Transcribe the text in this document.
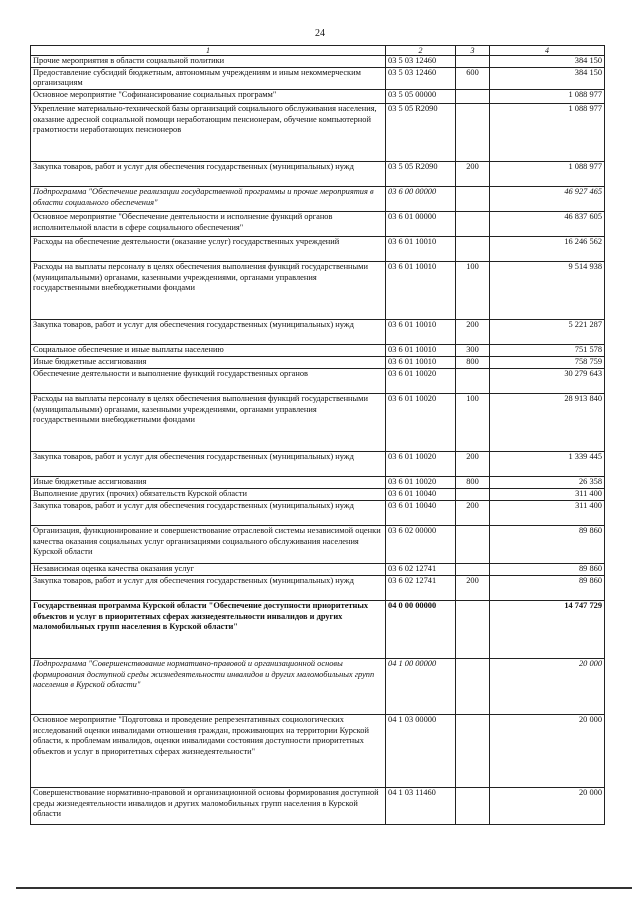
24
1	2	3	4
Прочие мероприятия в области социальной политики	03 5 03 12460		384 150
Предоставление субсидий бюджетным, автономным учреждениям и иным некоммерческим организациям	03 5 03 12460	600	384 150
Основное мероприятие "Софинансирование социальных программ"	03 5 05 00000		1 088 977
Укрепление материально-технической базы организаций социального обслуживания населения, оказание адресной социальной помощи неработающим пенсионерам, обучение компьютерной грамотности неработающих пенсионеров	03 5 05 R2090		1 088 977
Закупка товаров, работ и услуг для обеспечения государственных (муниципальных) нужд	03 5 05 R2090	200	1 088 977
Подпрограмма "Обеспечение реализации государственной программы и прочие мероприятия в области социального обеспечения"	03 6 00 00000		46 927 465
Основное мероприятие "Обеспечение деятельности и исполнение функций органов исполнительной власти в сфере социального обеспечения"	03 6 01 00000		46 837 605
Расходы на обеспечение деятельности (оказание услуг) государственных учреждений	03 6 01 10010		16 246 562
Расходы на выплаты персоналу в целях обеспечения выполнения функций государственными (муниципальными) органами, казенными учреждениями, органами управления государственными внебюджетными фондами	03 6 01 10010	100	9 514 938
Закупка товаров, работ и услуг для обеспечения государственных (муниципальных) нужд	03 6 01 10010	200	5 221 287
Социальное обеспечение и иные выплаты населению	03 6 01 10010	300	751 578
Иные бюджетные ассигнования	03 6 01 10010	800	758 759
Обеспечение деятельности и выполнение функций государственных органов	03 6 01 10020		30 279 643
Расходы на выплаты персоналу в целях обеспечения выполнения функций государственными (муниципальными) органами, казенными учреждениями, органами управления государственными внебюджетными фондами	03 6 01 10020	100	28 913 840
Закупка товаров, работ и услуг для обеспечения государственных (муниципальных) нужд	03 6 01 10020	200	1 339 445
Иные бюджетные ассигнования	03 6 01 10020	800	26 358
Выполнение других (прочих) обязательств Курской области	03 6 01 10040		311 400
Закупка товаров, работ и услуг для обеспечения государственных (муниципальных) нужд	03 6 01 10040	200	311 400
Организация, функционирование и совершенствование отраслевой системы независимой оценки качества оказания социальных услуг организациями социального обслуживания населения Курской области	03 6 02 00000		89 860
Независимая оценка качества оказания услуг	03 6 02 12741		89 860
Закупка товаров, работ и услуг для обеспечения государственных (муниципальных) нужд	03 6 02 12741	200	89 860
Государственная программа Курской области "Обеспечение доступности приоритетных объектов и услуг в приоритетных сферах жизнедеятельности инвалидов и других маломобильных групп населения в Курской области"	04 0 00 00000		14 747 729
Подпрограмма "Совершенствование нормативно-правовой и организационной основы формирования доступной среды жизнедеятельности инвалидов и других маломобильных групп населения в Курской области"	04 1 00 00000		20 000
Основное мероприятие "Подготовка и проведение репрезентативных социологических исследований оценки инвалидами отношения граждан, проживающих на территории Курской области, к проблемам инвалидов, оценки инвалидами состояния доступности приоритетных объектов и услуг в приоритетных сферах жизнедеятельности"	04 1 03 00000		20 000
Совершенствование нормативно-правовой и организационной основы формирования доступной среды жизнедеятельности инвалидов и других маломобильных групп населения в Курской области	04 1 03 11460		20 000
